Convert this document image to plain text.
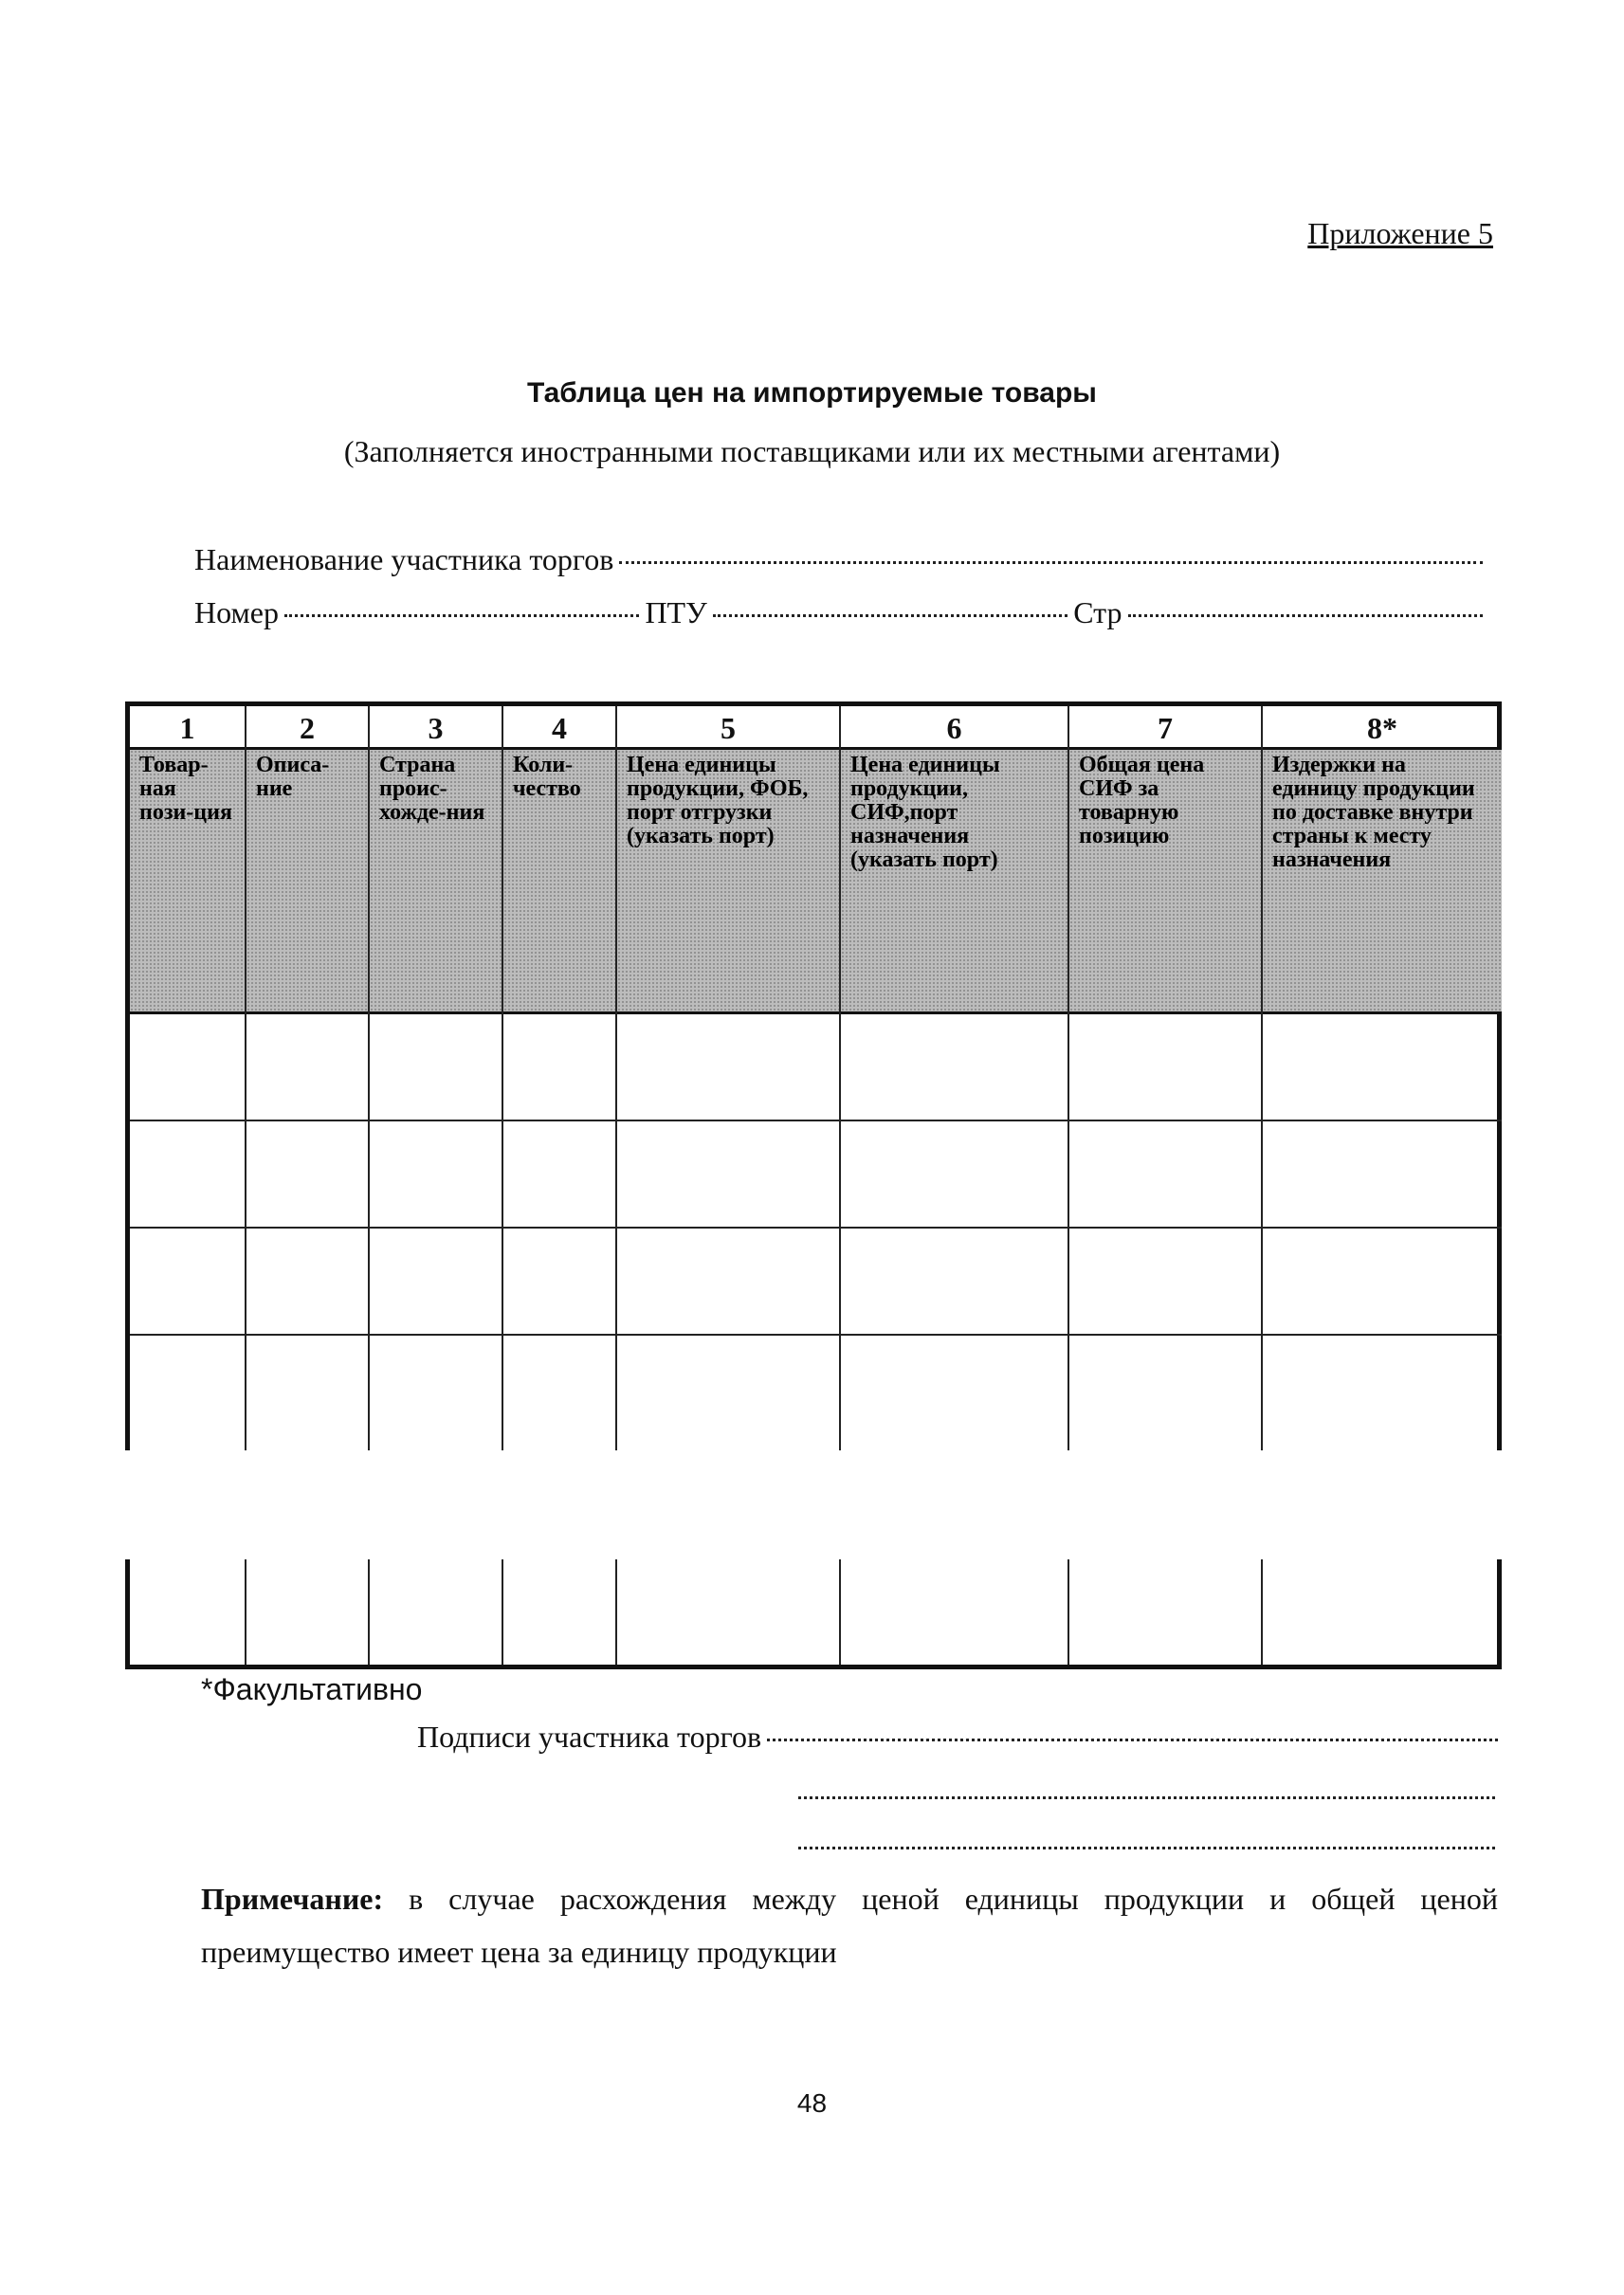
Приложение 5
Таблица цен на импортируемые товары
(Заполняется иностранными поставщиками или их местными агентами)
Наименование участника торгов
Номер	ПТУ	Стр
1
Товар-ная пози-ция
2
Описа-ние
3
Страна проис-хожде-ния
4
Коли-чество
5
Цена единицы продукции, ФОБ, порт отгрузки (указать порт)
6
Цена единицы продукции, СИФ,порт назначения (указать порт)
7
Общая цена СИФ за товарную позицию
8*
Издержки на единицу продукции по доставке внутри страны к месту назначения
*Факультативно
Подписи участника торгов
Примечание: в случае расхождения между ценой единицы продукции и общей ценой преимущество имеет цена за единицу продукции
48
